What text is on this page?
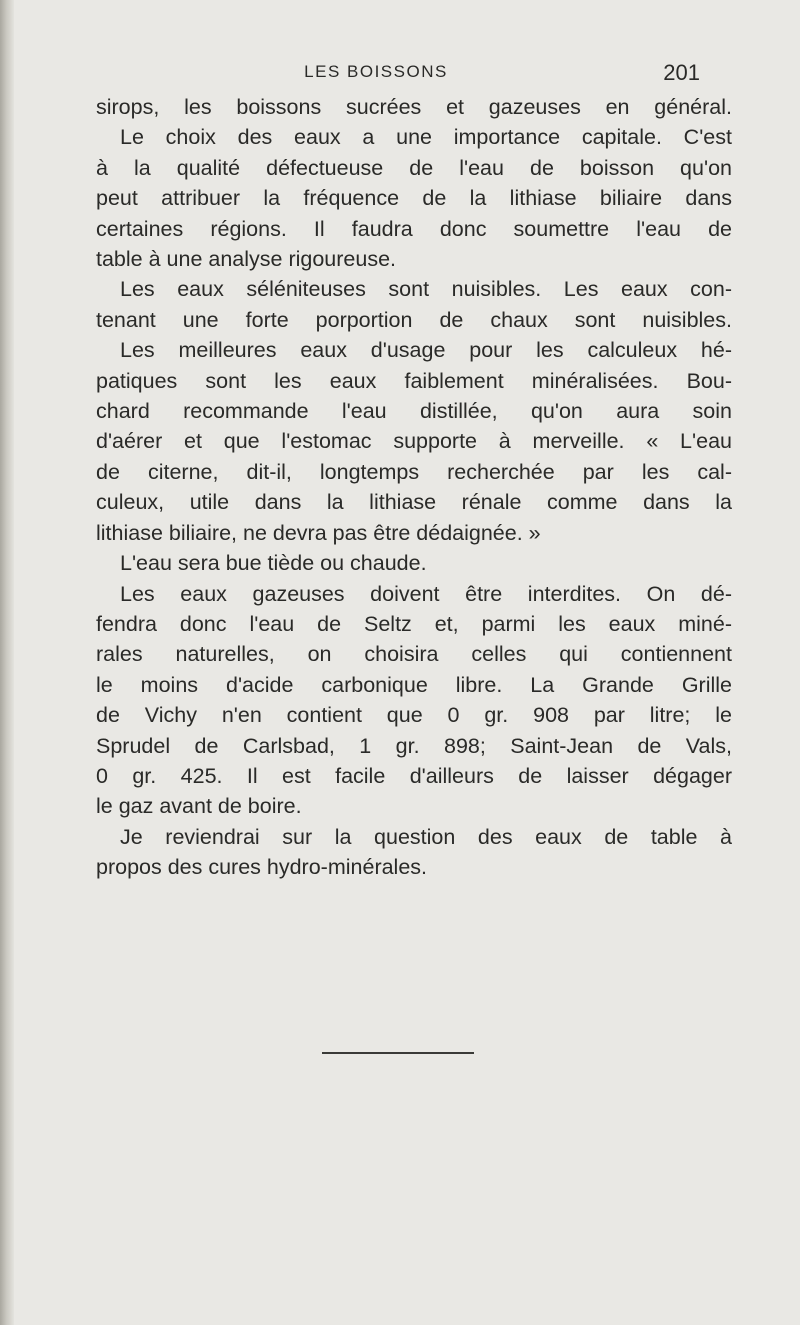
LES BOISSONS	201
sirops, les boissons sucrées et gazeuses en général.
Le choix des eaux a une importance capitale. C'est
à la qualité défectueuse de l'eau de boisson qu'on
peut attribuer la fréquence de la lithiase biliaire dans
certaines régions. Il faudra donc soumettre l'eau de
table à une analyse rigoureuse.
Les eaux séléniteuses sont nuisibles. Les eaux con-
tenant une forte porportion de chaux sont nuisibles.
Les meilleures eaux d'usage pour les calculeux hé-
patiques sont les eaux faiblement minéralisées. Bou-
chard recommande l'eau distillée, qu'on aura soin
d'aérer et que l'estomac supporte à merveille. « L'eau
de citerne, dit-il, longtemps recherchée par les cal-
culeux, utile dans la lithiase rénale comme dans la
lithiase biliaire, ne devra pas être dédaignée. »
L'eau sera bue tiède ou chaude.
Les eaux gazeuses doivent être interdites. On dé-
fendra donc l'eau de Seltz et, parmi les eaux miné-
rales naturelles, on choisira celles qui contiennent
le moins d'acide carbonique libre. La Grande Grille
de Vichy n'en contient que 0 gr. 908 par litre; le
Sprudel de Carlsbad, 1 gr. 898; Saint-Jean de Vals,
0 gr. 425. Il est facile d'ailleurs de laisser dégager
le gaz avant de boire.
Je reviendrai sur la question des eaux de table à
propos des cures hydro-minérales.
